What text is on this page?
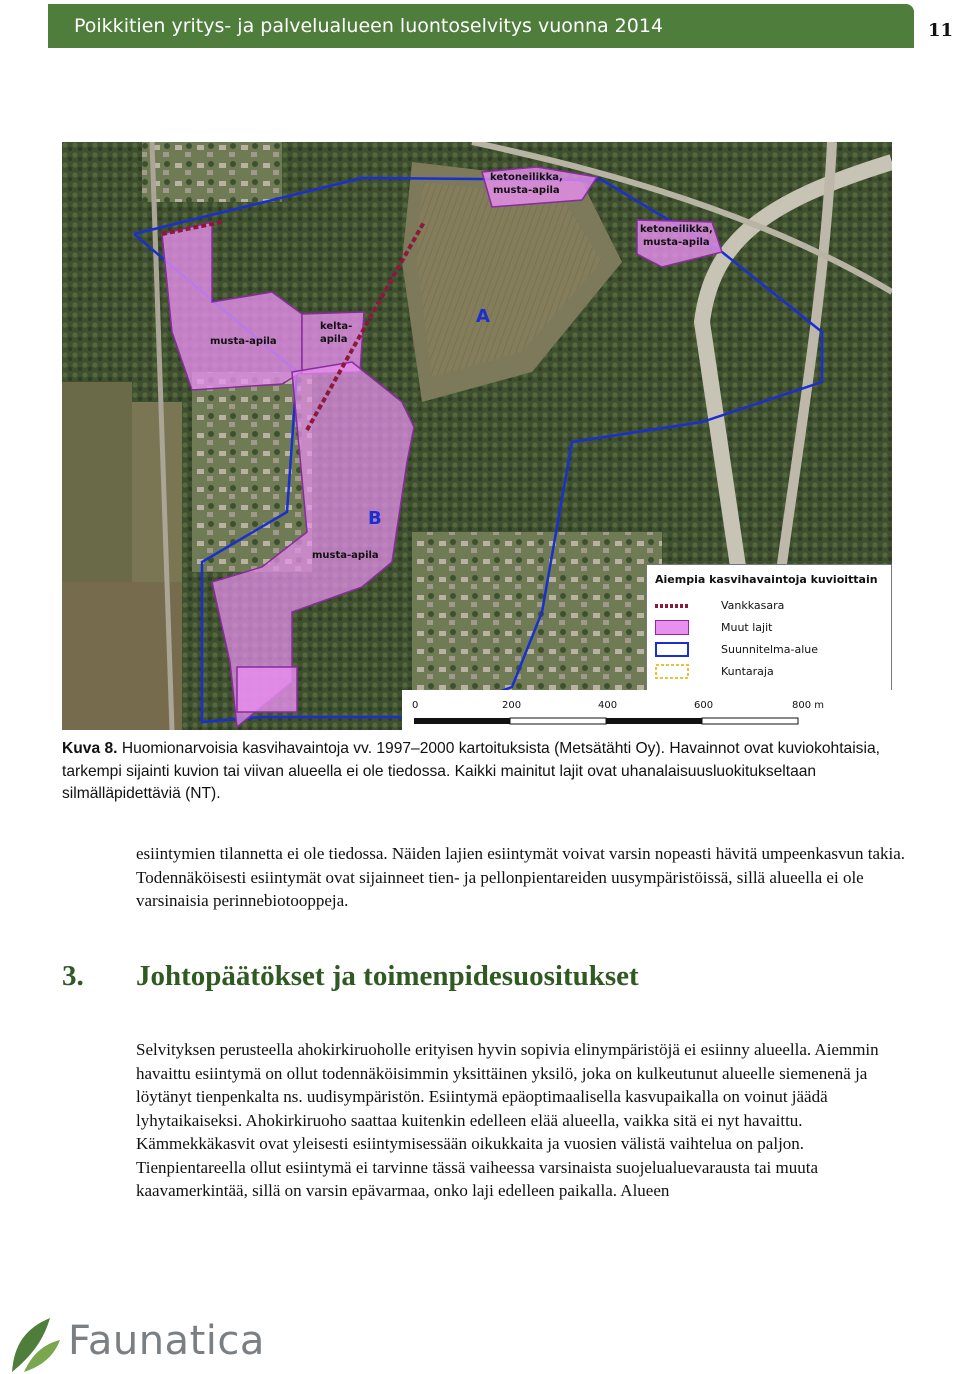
Poikkitien yritys- ja palvelualueen luontoselvitys vuonna 2014	11
ketoneilikka,
musta-apila
ketoneilikka,
musta-apila
musta-apila
kelta-
apila
musta-apila
A
B
Aiempia kasvihavaintoja kuvioittain
Vankkasara
Muut lajit
Suunnitelma-alue
Kuntaraja
0	200	400	600	800 m
Kuva 8. Huomionarvoisia kasvihavaintoja vv. 1997–2000 kartoituksista (Metsätähti Oy). Havainnot ovat kuviokohtaisia, tarkempi sijainti kuvion tai viivan alueella ei ole tiedossa. Kaikki mainitut lajit ovat uhanalaisuusluokitukseltaan silmälläpidettäviä (NT).
esiintymien tilannetta ei ole tiedossa. Näiden lajien esiintymät voivat varsin nopeasti hävitä umpeenkasvun takia. Todennäköisesti esiintymät ovat sijainneet tien- ja pellonpientareiden uusympäristöissä, sillä alueella ei ole varsinaisia perinnebiotooppeja.
3. Johtopäätökset ja toimenpidesuositukset
Selvityksen perusteella ahokirkiruoholle erityisen hyvin sopivia elinympäristöjä ei esiinny alueella. Aiemmin havaittu esiintymä on ollut todennäköisimmin yksittäinen yksilö, joka on kulkeutunut alueelle siemenenä ja löytänyt tienpenkalta ns. uudisympäristön. Esiintymä epäoptimaalisella kasvupaikalla on voinut jäädä lyhytaikaiseksi. Ahokirkiruoho saattaa kuitenkin edelleen elää alueella, vaikka sitä ei nyt havaittu. Kämmekkäkasvit ovat yleisesti esiintymisessään oikukkaita ja vuosien välistä vaihtelua on paljon. Tienpientareella ollut esiintymä ei tarvinne tässä vaiheessa varsinaista suojelualuevarausta tai muuta kaavamerkintää, sillä on varsin epävarmaa, onko laji edelleen paikalla. Alueen
Faunatica
